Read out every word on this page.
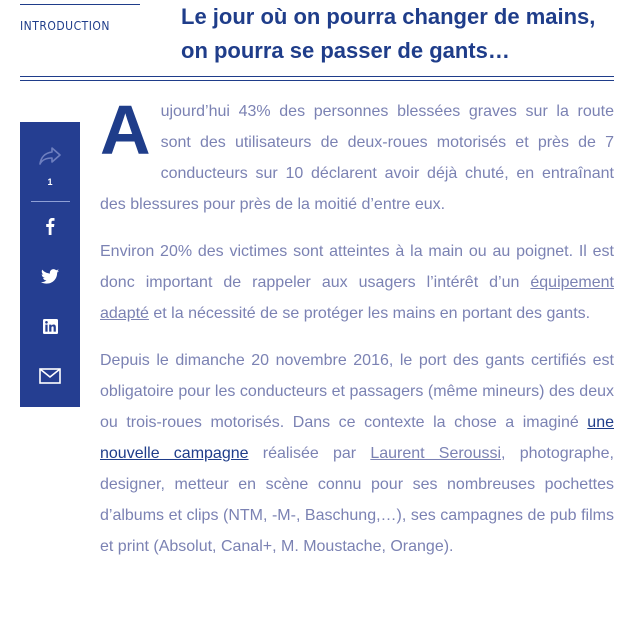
INTRODUCTION	Le jour où on pourra changer de mains, on pourra se passer de gants…
1

Aujourd’hui 43% des personnes blessées graves sur la route sont des utilisateurs de deux-roues motorisés et près de 7 conducteurs sur 10 déclarent avoir déjà chuté, en entraînant des blessures pour près de la moitié d’entre eux.

Environ 20% des victimes sont atteintes à la main ou au poignet. Il est donc important de rappeler aux usagers l’intérêt d’un équipement adapté et la nécessité de se protéger les mains en portant des gants.

Depuis le dimanche 20 novembre 2016, le port des gants certifiés est obligatoire pour les conducteurs et passagers (même mineurs) des deux ou trois-roues motorisés. Dans ce contexte la chose a imaginé une nouvelle campagne réalisée par Laurent Seroussi, photographe, designer, metteur en scène connu pour ses nombreuses pochettes d’albums et clips (NTM, -M-, Baschung,…), ses campagnes de pub films et print (Absolut, Canal+, M. Moustache, Orange).
